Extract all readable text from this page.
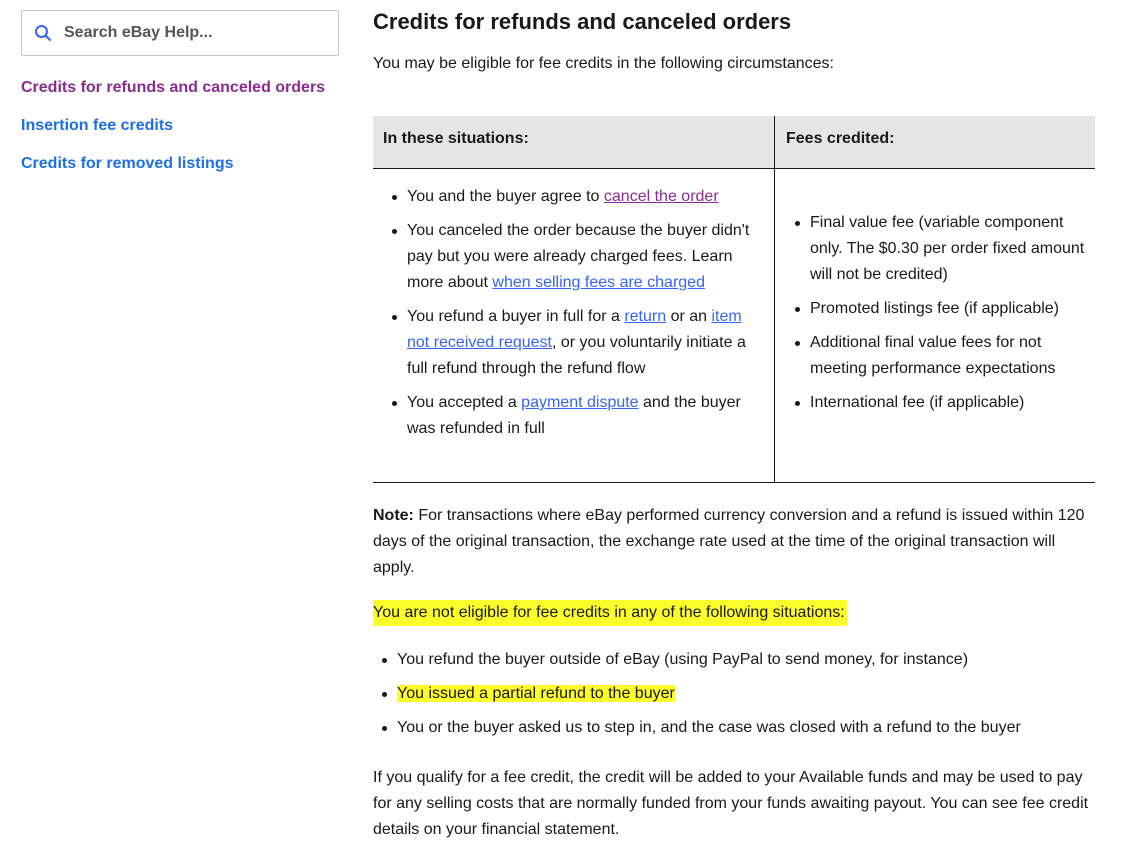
Search eBay Help...
Credits for refunds and canceled orders
Insertion fee credits
Credits for removed listings
Credits for refunds and canceled orders
You may be eligible for fee credits in the following circumstances:
In these situations:	Fees credited:
You and the buyer agree to cancel the order
You canceled the order because the buyer didn't pay but you were already charged fees. Learn more about when selling fees are charged
You refund a buyer in full for a return or an item not received request, or you voluntarily initiate a full refund through the refund flow
You accepted a payment dispute and the buyer was refunded in full
Final value fee (variable component only. The $0.30 per order fixed amount will not be credited)
Promoted listings fee (if applicable)
Additional final value fees for not meeting performance expectations
International fee (if applicable)
Note: For transactions where eBay performed currency conversion and a refund is issued within 120 days of the original transaction, the exchange rate used at the time of the original transaction will apply.
You are not eligible for fee credits in any of the following situations:
You refund the buyer outside of eBay (using PayPal to send money, for instance)
You issued a partial refund to the buyer
You or the buyer asked us to step in, and the case was closed with a refund to the buyer
If you qualify for a fee credit, the credit will be added to your Available funds and may be used to pay for any selling costs that are normally funded from your funds awaiting payout. You can see fee credit details on your financial statement.
